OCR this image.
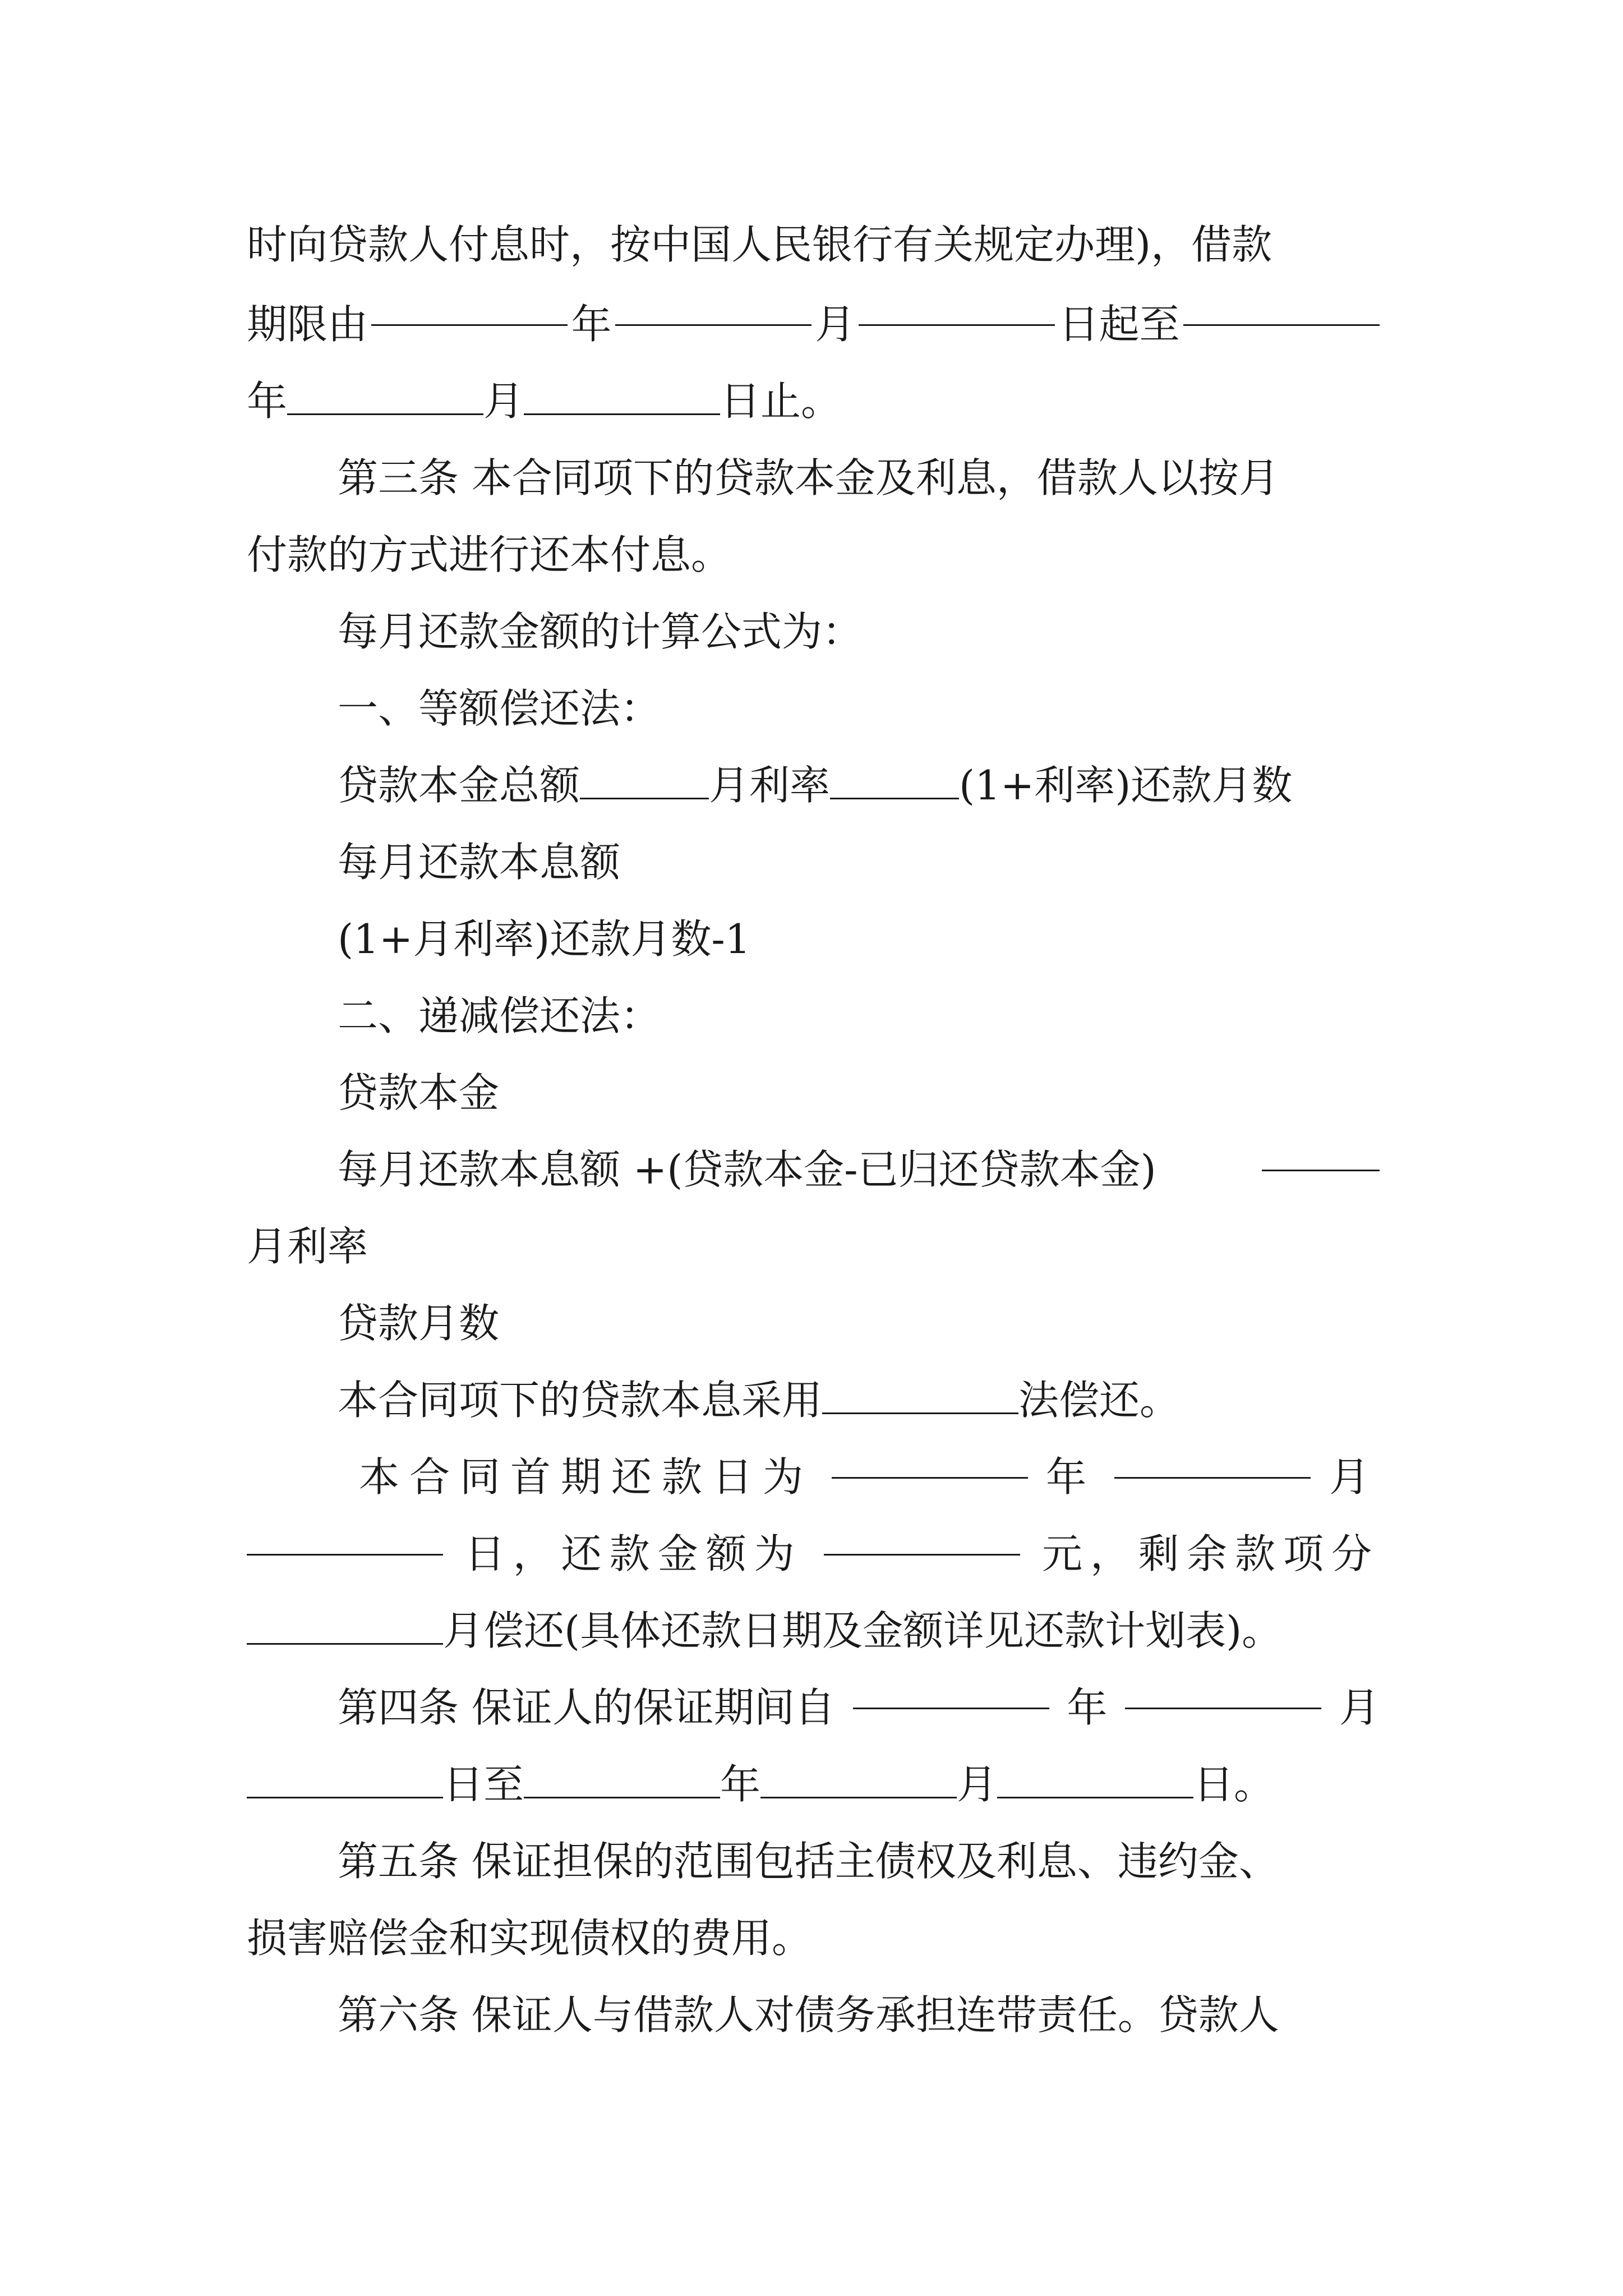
时向贷款人付息时，按中国人民银行有关规定办理)，借款
期限由	年	月	日起至
年	月	日止。
第三条 本合同项下的贷款本金及利息，借款人以按月
付款的方式进行还本付息。
每月还款金额的计算公式为：
一、等额偿还法：
贷款本金总额	月利率	(1+利率)还款月数
每月还款本息额
(1+月利率)还款月数-1
二、递减偿还法：
贷款本金
每月还款本息额 +(贷款本金-已归还贷款本金)
月利率
贷款月数
本合同项下的贷款本息采用	法偿还。
本合同首期还款日为	年	月
日，还款金额为	元，剩余款项分
月偿还(具体还款日期及金额详见还款计划表)。
第四条 保证人的保证期间自	年	月
日至	年	月	日。
第五条 保证担保的范围包括主债权及利息、违约金、
损害赔偿金和实现债权的费用。
第六条 保证人与借款人对债务承担连带责任。贷款人
